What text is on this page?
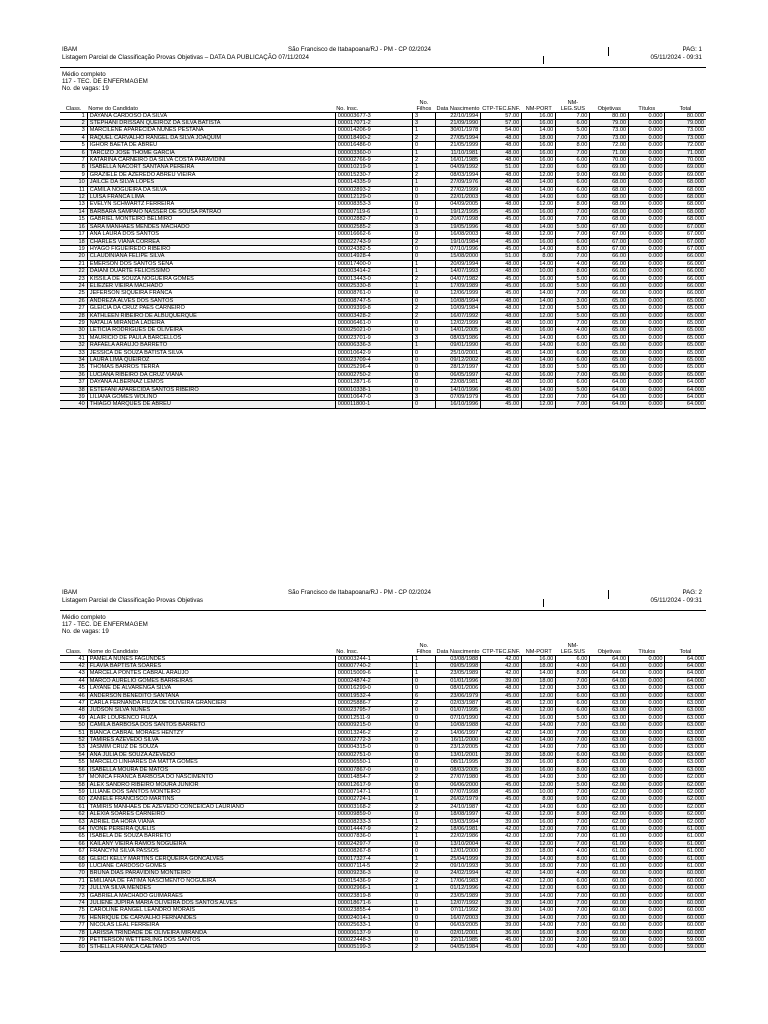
IBAM
Listagem Parcial de Classificação Provas Objetivas – DATA DA PUBLICAÇÃO 07/11/2024
São Francisco de Itabapoana/RJ - PM - CP 02/2024	PAG: 1
05/11/2024 - 09:31
Médio completo
117 - TEC. DE ENFERMAGEM
No. de vagas: 19
Class.	Nome do Candidato	No. Insc.	No. Filhos	Data Nascimento	CTP-TEC.ENF.	NM-PORT	NM-LEG.SUS	Objetivas	Títulos	Total
1	DAYANA CARDOSO DA SILVA	000003677-3	3	22/10/1994	57.00	16.00	7.00	80.00	0.000	80.000
2	STEPHANI DRISSAN QUEIROZ DA SILVA BATISTA	000017071-2	3	21/09/1990	57.00	16.00	6.00	79.00	0.000	79.000
3	MARCILENE APARECIDA NUNES PESTANA	000014206-9	1	30/01/1978	54.00	14.00	5.00	73.00	0.000	73.000
4	RAQUEL CARVALHO RANGEL DA SILVA JOAQUIM	000018490-2	2	27/05/1994	48.00	18.00	7.00	73.00	0.000	73.000
5	IGHOR BAETA DE ABREU	000016486-0	0	21/05/1999	48.00	16.00	8.00	72.00	0.000	72.000
6	TARCIZO JOSE THOME GARCIA	000003360-0	1	11/10/1981	48.00	16.00	7.00	71.00	0.000	71.000
7	KATARINA CARNEIRO DA SILVA COSTA PARAVIDINI	000002766-9	2	16/01/1985	48.00	16.00	6.00	70.00	0.000	70.000
8	ISABELLA NACORT SANTANA PEREIRA	000010219-9	1	04/09/1992	51.00	12.00	6.00	69.00	0.000	69.000
9	GRAZIELE DE AZEREDO ABREU VIEIRA	000015230-7	2	08/03/1994	48.00	12.00	9.00	69.00	0.000	69.000
10	JAILCE DA SILVA LOPES	000014335-9	1	27/09/1976	48.00	14.00	6.00	68.00	0.000	68.000
11	CAMILA NOGUEIRA DA SILVA	000002893-2	0	27/02/1999	48.00	14.00	6.00	68.00	0.000	68.000
12	LUISA FRANCA LIMA	000012129-0	0	22/01/2003	48.00	14.00	6.00	68.00	0.000	68.000
13	EVELYN SCHWARTZ FERREIRA	000008353-3	0	04/09/2005	48.00	12.00	8.00	68.00	0.000	68.000
14	BARBARA SAMPAIO NASSER DE SOUSA PATRAO	000007119-6	1	19/12/1995	45.00	16.00	7.00	68.00	0.000	68.000
15	GABRIEL MONTEIRO BELMIRO	000002882-7	0	20/07/1998	45.00	16.00	7.00	68.00	0.000	68.000
16	SARA MANHAES MENDES MACHADO	000002585-2	3	19/05/1996	48.00	14.00	5.00	67.00	0.000	67.000
17	ANA LAURA DOS SANTOS	000016662-6	0	16/08/2003	48.00	12.00	7.00	67.00	0.000	67.000
18	CHARLES VIANA CORREA	000022743-9	2	19/10/1984	45.00	16.00	6.00	67.00	0.000	67.000
19	HYAGO FIGUEIREDO RIBEIRO	000024382-5	0	07/10/1996	45.00	14.00	8.00	67.00	0.000	67.000
20	CLAUDINIANA FELIPE SILVA	000014928-4	0	15/08/2000	51.00	8.00	7.00	66.00	0.000	66.000
21	EMERSON DOS SANTOS SENA	000017400-0	1	20/09/1994	48.00	14.00	4.00	66.00	0.000	66.000
22	DAIANI DUARTE FELICISSIMO	000003414-2	1	14/07/1993	48.00	10.00	8.00	66.00	0.000	66.000
23	KISSILA DE SOUZA NOGUEIRA GOMES	000013443-0	2	04/07/1982	45.00	16.00	5.00	66.00	0.000	66.000
24	ELIEZER VIEIRA MACHADO	000025330-8	1	17/09/1989	45.00	16.00	5.00	66.00	0.000	66.000
25	JEFERSON SIQUEIRA FRANCA	000008761-0	0	12/06/1999	45.00	14.00	7.00	66.00	0.000	66.000
26	ANDREZA ALVES DOS SANTOS	000008747-5	0	10/08/1994	48.00	14.00	3.00	65.00	0.000	65.000
27	GLEICIA DA CRUZ PAES CARNEIRO	000009399-8	2	10/09/1984	48.00	12.00	5.00	65.00	0.000	65.000
28	KATHLEEN RIBEIRO DE ALBUQUERQUE	000003428-2	2	16/07/1992	48.00	12.00	5.00	65.00	0.000	65.000
29	NATALIA MIRANDA LADEIRA	000006461-0	0	12/02/1999	48.00	10.00	7.00	65.00	0.000	65.000
30	LETICIA RODRIGUES DE OLIVEIRA	000025021-0	0	14/01/2005	45.00	16.00	4.00	65.00	0.000	65.000
31	MAURICIO DE PAULA BARCELLOS	000023701-9	3	08/03/1986	45.00	14.00	6.00	65.00	0.000	65.000
32	RAFAELA ARAUJO BARRETO	000006336-3	1	09/01/1990	45.00	14.00	6.00	65.00	0.000	65.000
33	JESSICA DE SOUZA BATISTA SILVA	000010642-9	0	25/10/2001	45.00	14.00	6.00	65.00	0.000	65.000
34	LAURA LIMA QUEIROZ	000023709-4	0	09/12/2002	45.00	14.00	6.00	65.00	0.000	65.000
35	THOMAS BARROS TERRA	000025296-4	0	28/12/1997	42.00	18.00	5.00	65.00	0.000	65.000
36	LUCIANA RIBEIRO DA CRUZ VIANA	000002750-2	0	06/05/1997	42.00	16.00	7.00	65.00	0.000	65.000
37	DAYANA ALBERNAZ LEMOS	000012871-6	0	22/08/1981	48.00	10.00	6.00	64.00	0.000	64.000
38	ESTEFANI APARECIDA SANTOS RIBEIRO	000010338-1	0	14/10/1996	45.00	14.00	5.00	64.00	0.000	64.000
39	LILIANA GOMES WOLINO	000010647-0	3	07/09/1979	45.00	12.00	7.00	64.00	0.000	64.000
40	THIAGO MARQUES DE ABREU	000011800-1	0	16/10/1996	45.00	12.00	7.00	64.00	0.000	64.000
IBAM
Listagem Parcial de Classificação Provas Objetivas
São Francisco de Itabapoana/RJ - PM - CP 02/2024	PAG: 2
05/11/2024 - 09:31
Médio completo
117 - TEC. DE ENFERMAGEM
No. de vagas: 19
Class.	Nome do Candidato	No. Insc.	No. Filhos	Data Nascimento	CTP-TEC.ENF.	NM-PORT	NM-LEG.SUS	Objetivas	Títulos	Total
41	PAMELA NUNES FAGUNDES	000003244-1	1	03/08/1988	42.00	16.00	6.00	64.00	0.000	64.000
42	FLAVIA BAPTISTA SOARES	000007740-2	1	09/05/1998	42.00	18.00	4.00	64.00	0.000	64.000
43	MARCELA PONTES CABRAL ARAUJO	000015009-6	1	23/05/1989	42.00	14.00	8.00	64.00	0.000	64.000
44	MARCO AURELIO GOMES BARREIRAS	000024874-2	0	01/01/1996	39.00	18.00	7.00	64.00	0.000	64.000
45	LAYANE DE ALVARENGA SILVA	000016299-0	0	08/01/2006	48.00	12.00	3.00	63.00	0.000	63.000
46	ANDERSON BENEDITO SANTANA	000019532-4	6	23/06/1979	45.00	12.00	6.00	63.00	0.000	63.000
47	CARLA FERNANDA FIUZA DE OLIVEIRA GRANCIERI	000025886-7	2	02/03/1987	45.00	12.00	6.00	63.00	0.000	63.000
48	JUDSON SILVA NUNES	000023795-7	0	01/07/1995	45.00	12.00	6.00	63.00	0.000	63.000
49	ALAIR LOURENCO FIUZA	000012511-9	0	07/10/1990	42.00	16.00	5.00	63.00	0.000	63.000
50	CAMILA BARBOSA DOS SANTOS BARRETO	000009215-0	0	10/08/1988	42.00	14.00	7.00	63.00	0.000	63.000
51	BIANCA CABRAL MORAES HENTZY	000013246-2	2	14/06/1997	42.00	14.00	7.00	63.00	0.000	63.000
52	TAMIRES AZEVEDO SILVA	000002772-3	0	16/11/2000	42.00	14.00	7.00	63.00	0.000	63.000
53	JASMIM CRUZ DE SOUZA	000004315-0	0	23/12/2005	42.00	14.00	7.00	63.00	0.000	63.000
54	ANA JULIA DE SOUZA AZEVEDO	000002751-0	0	13/01/2001	39.00	18.00	6.00	63.00	0.000	63.000
55	MARCELO LINHARES DA MATTA GOMES	000006550-1	0	08/11/1995	39.00	16.00	8.00	63.00	0.000	63.000
56	ISABELLA MOURA DE MATOS	000007867-0	0	08/03/2005	39.00	16.00	8.00	63.00	0.000	63.000
57	MONICA FRANCA BARBOSA DO NASCIMENTO	000014854-7	2	27/07/1980	45.00	14.00	3.00	62.00	0.000	62.000
58	ALEX SANDRO RIBEIRO MOURA JUNIOR	000012617-9	0	06/06/2000	45.00	12.00	5.00	62.00	0.000	62.000
59	LILIANE DOS SANTOS MONTEIRO	000007147-1	0	07/07/1998	45.00	10.00	7.00	62.00	0.000	62.000
60	ZANIELE FRANCISCO MARTINS	000002724-1	1	26/02/1979	45.00	8.00	9.00	62.00	0.000	62.000
61	TAMIRIS MANHAES DE AZEVEDO CONCEICAO LAURIANO	000003168-2	2	24/10/1987	42.00	14.00	6.00	62.00	0.000	62.000
62	ALEXIA SOARES CARNEIRO	000009859-0	0	18/08/1997	42.00	12.00	8.00	62.00	0.000	62.000
63	ADRIEL DA HORA VIANA	000008233-3	1	03/03/1994	39.00	16.00	7.00	62.00	0.000	62.000
64	IVONE PEREIRA QUELIS	000014447-9	2	18/06/1981	42.00	12.00	7.00	61.00	0.000	61.000
65	ISABELA DE SOUZA BARRETO	000007836-0	1	22/02/1986	42.00	12.00	7.00	61.00	0.000	61.000
66	KAILANY VIEIRA RAMOS NOGUEIRA	000024297-7	0	13/10/2004	42.00	12.00	7.00	61.00	0.000	61.000
67	FRANCYNI SILVA PASSOS	000008267-8	0	12/01/2000	39.00	18.00	4.00	61.00	0.000	61.000
68	GLEICI KELLY MARTINS CERQUEIRA GONCALVES	000017327-4	1	25/04/1999	39.00	14.00	8.00	61.00	0.000	61.000
69	LUCIANE CARDOSO GOMES	000007114-5	2	09/10/1993	36.00	18.00	7.00	61.00	0.000	61.000
70	BRUNA DIAS PARAVIDINO MONTEIRO	000009236-3	0	24/02/1994	42.00	14.00	4.00	60.00	0.000	60.000
71	EMILIANA DE FATIMA NASCIMENTO NOGUEIRA	000015436-9	2	17/06/1983	42.00	12.00	6.00	60.00	0.000	60.000
72	JULLYA SILVA MENDES	000002966-1	1	01/12/1996	42.00	12.00	6.00	60.00	0.000	60.000
73	GABRIELA MACHADO GUIMARAES	000023819-8	0	23/05/1989	39.00	14.00	7.00	60.00	0.000	60.000
74	JULIENE JUPIRA MARIA OLIVEIRA DOS SANTOS ALVES	000018671-6	1	12/07/1992	39.00	14.00	7.00	60.00	0.000	60.000
75	CAROLINE RANGEL LEANDRO MORAIS	000023855-4	0	07/11/1992	39.00	14.00	7.00	60.00	0.000	60.000
76	HENRIQUE DE CARVALHO FERNANDES	000024014-1	0	16/07/2003	39.00	14.00	7.00	60.00	0.000	60.000
77	NICOLAS LEAL FERREIRA	000025633-1	0	06/03/2005	39.00	14.00	7.00	60.00	0.000	60.000
78	LARISSA TRINDADE DE OLIVEIRA MIRANDA	000006137-9	0	02/01/2001	36.00	16.00	8.00	60.00	0.000	60.000
79	PETTERSON WETTERLING DOS SANTOS	000022448-3	0	22/11/1985	45.00	12.00	2.00	59.00	0.000	59.000
80	STHELLA FRANCA CAETANO	000005199-3	2	04/05/1984	45.00	10.00	4.00	59.00	0.000	59.000
